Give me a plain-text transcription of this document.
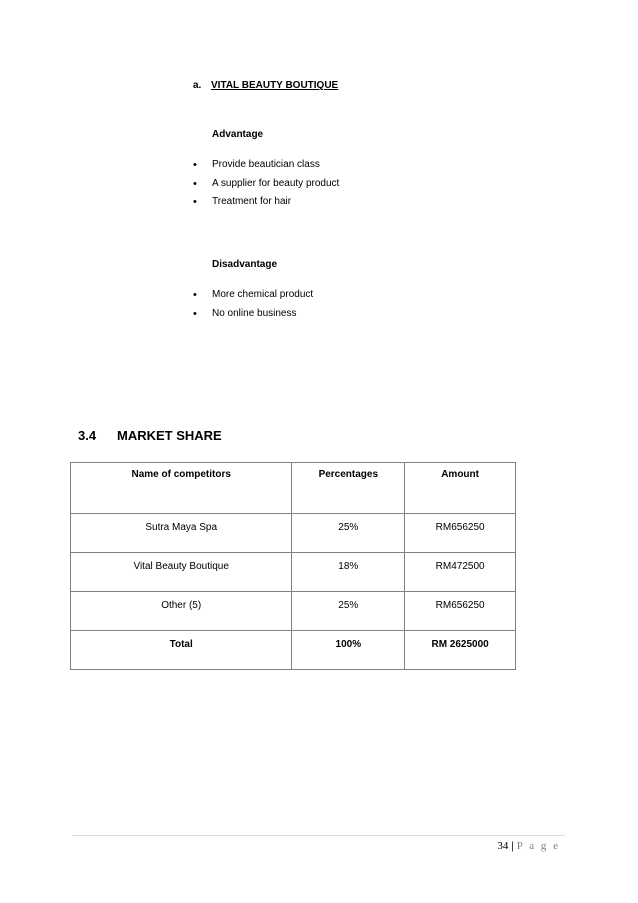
a. VITAL BEAUTY BOUTIQUE
Advantage
•	Provide beautician class
•	A supplier for beauty product
•	Treatment for hair
Disadvantage
•	More chemical product
•	No online business
3.4 MARKET SHARE
Name of competitors	Percentages	Amount
Sutra Maya Spa	25%	RM656250
Vital Beauty Boutique	18%	RM472500
Other (5)	25%	RM656250
Total	100%	RM 2625000
34 | P a g e
